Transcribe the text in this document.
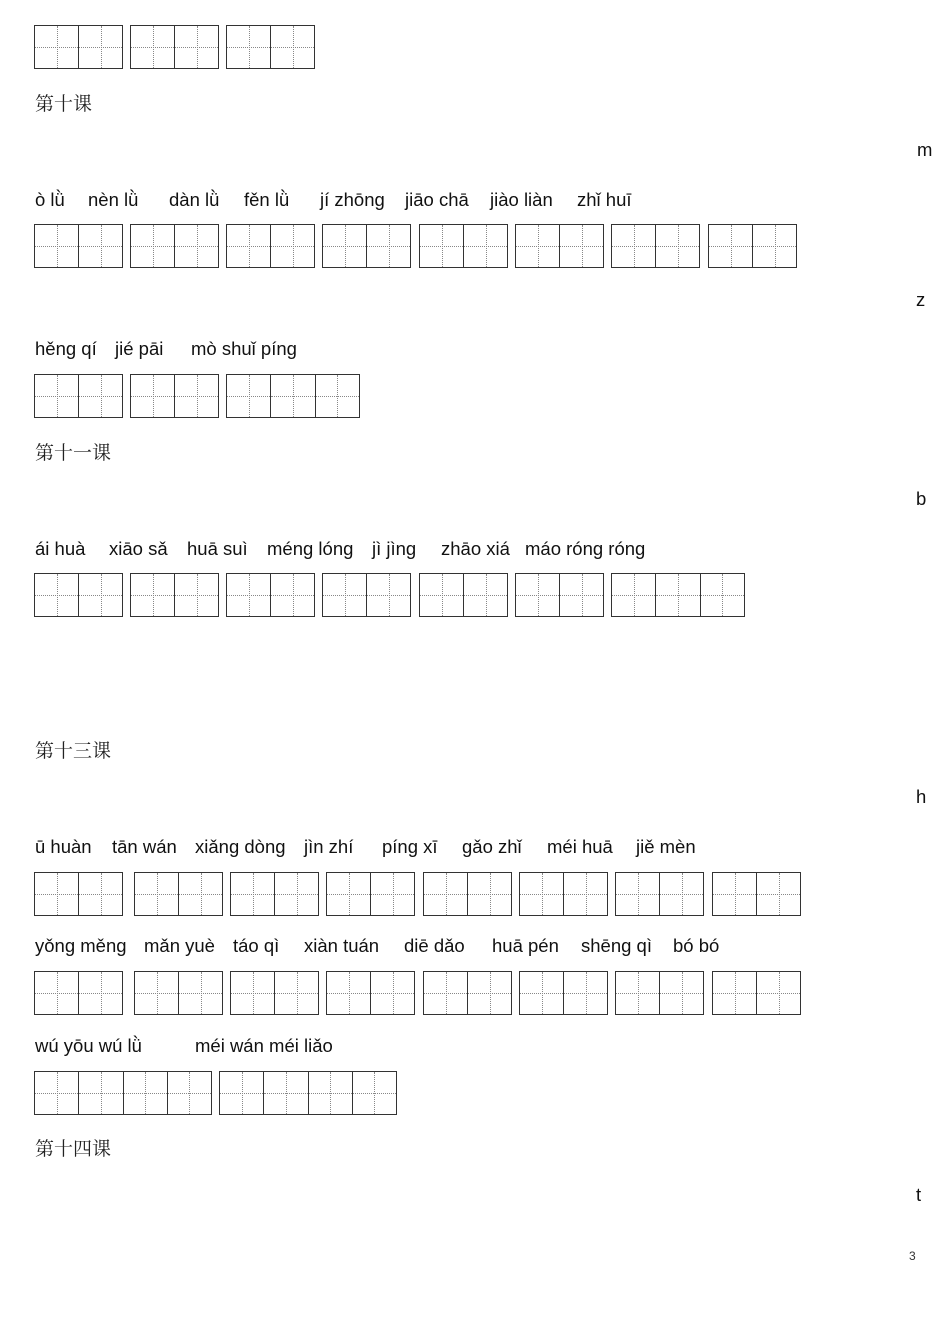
第十课
m
ò lǜ nèn lǜ dàn lǜ fěn lǜ jí zhōng jiāo chā jiào liàn zhǐ huī
z
hěng qí jié pāi mò shuǐ píng
第十一课
b
ái huà xiāo sǎ huā suì méng lóng jì jìng zhāo xiá máo róng róng
第十三课
h
ū huàn tān wán xiǎng dòng jìn zhí píng xī gǎo zhǐ méi huā jiě mèn
yǒng měng mǎn yuè táo qì xiàn tuán diē dǎo huā pén shēng qì bó bó
wú yōu wú lǜ	méi wán méi liǎo
第十四课
t
3
